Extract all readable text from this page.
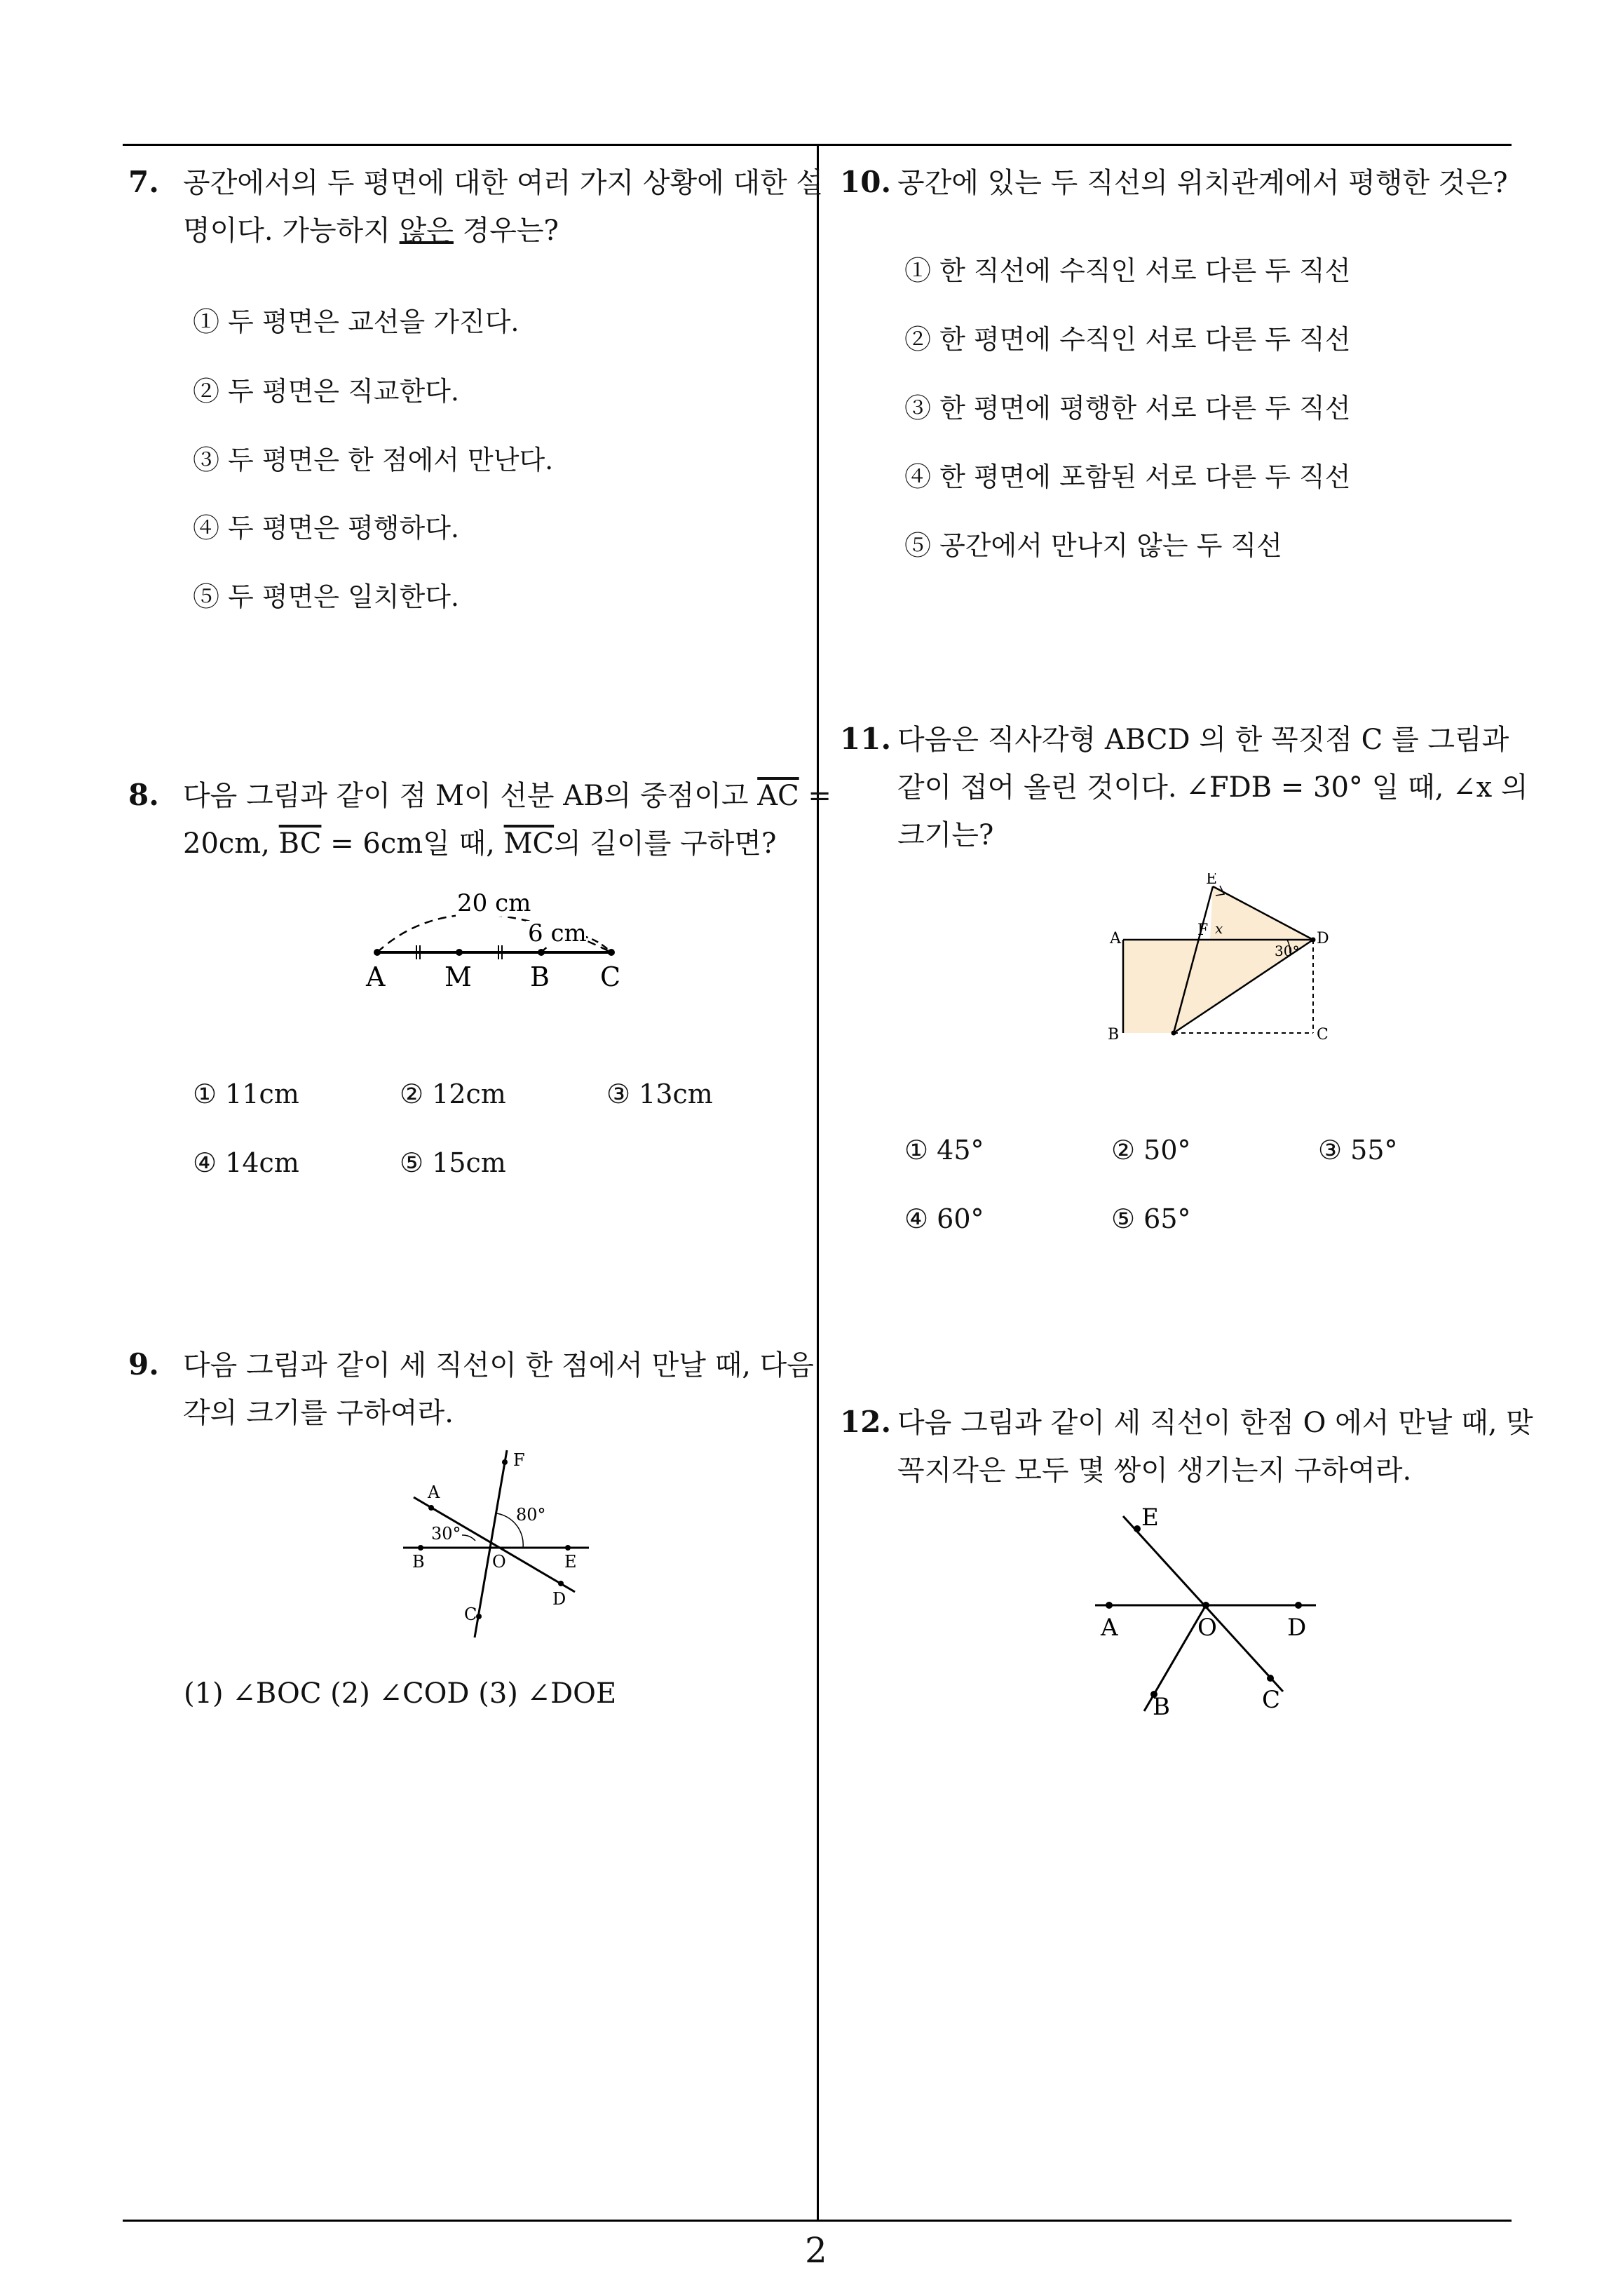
7. 공간에서의 두 평면에 대한 여러 가지 상황에 대한 설
명이다. 가능하지 않은 경우는?
① 두 평면은 교선을 가진다.
② 두 평면은 직교한다.
③ 두 평면은 한 점에서 만난다.
④ 두 평면은 평행하다.
⑤ 두 평면은 일치한다.
8. 다음 그림과 같이 점 M이 선분 AB의 중점이고 $\overline{AC}$ =
20cm, $\overline{BC} = 6cm$일 때, $\overline{MC}$의 길이를 구하면?
20 cm
6 cm
A M B C
① 11cm	② 12cm	③ 13cm
④ 14cm	⑤ 15cm
9. 다음 그림과 같이 세 직선이 한 점에서 만날 때, 다음
각의 크기를 구하여라.
A
F
B	O	E
D
C
30°
80°
(1) ∠BOC (2) ∠COD (3) ∠DOE
10. 공간에 있는 두 직선의 위치관계에서 평행한 것은?
① 한 직선에 수직인 서로 다른 두 직선
② 한 평면에 수직인 서로 다른 두 직선
③ 한 평면에 평행한 서로 다른 두 직선
④ 한 평면에 포함된 서로 다른 두 직선
⑤ 공간에서 만나지 않는 두 직선
11. 다음은 직사각형 ABCD 의 한 꼭짓점 C 를 그림과
같이 접어 올린 것이다. ∠FDB = 30° 일 때, ∠x 의
크기는?
E
A	F x
D
30°
B	C
① 45°	② 50°	③ 55°
④ 60°	⑤ 65°
12. 다음 그림과 같이 세 직선이 한점 O 에서 만날 때, 맞
꼭지각은 모두 몇 쌍이 생기는지 구하여라.
E
A	O	D
B	C
2
